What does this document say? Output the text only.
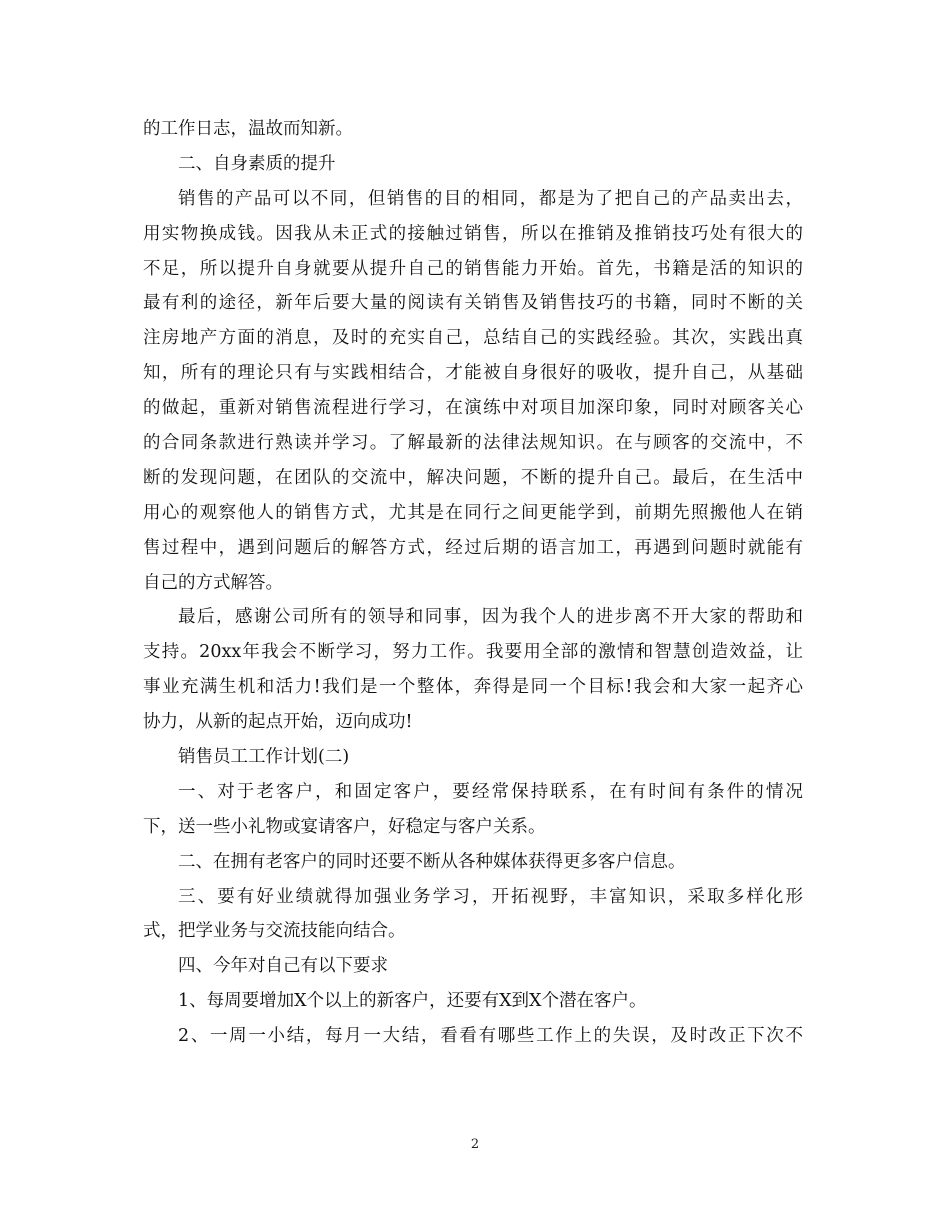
的工作日志，温故而知新。
二、自身素质的提升
销售的产品可以不同，但销售的目的相同，都是为了把自己的产品卖出去，
用实物换成钱。因我从未正式的接触过销售，所以在推销及推销技巧处有很大的
不足，所以提升自身就要从提升自己的销售能力开始。首先，书籍是活的知识的
最有利的途径，新年后要大量的阅读有关销售及销售技巧的书籍，同时不断的关
注房地产方面的消息，及时的充实自己，总结自己的实践经验。其次，实践出真
知，所有的理论只有与实践相结合，才能被自身很好的吸收，提升自己，从基础
的做起，重新对销售流程进行学习，在演练中对项目加深印象，同时对顾客关心
的合同条款进行熟读并学习。了解最新的法律法规知识。在与顾客的交流中，不
断的发现问题，在团队的交流中，解决问题，不断的提升自己。最后，在生活中
用心的观察他人的销售方式，尤其是在同行之间更能学到，前期先照搬他人在销
售过程中，遇到问题后的解答方式，经过后期的语言加工，再遇到问题时就能有
自己的方式解答。
最后，感谢公司所有的领导和同事，因为我个人的进步离不开大家的帮助和
支持。20xx年我会不断学习，努力工作。我要用全部的激情和智慧创造效益，让
事业充满生机和活力!我们是一个整体，奔得是同一个目标!我会和大家一起齐心
协力，从新的起点开始，迈向成功!
销售员工工作计划(二)
一、对于老客户，和固定客户，要经常保持联系，在有时间有条件的情况
下，送一些小礼物或宴请客户，好稳定与客户关系。
二、在拥有老客户的同时还要不断从各种媒体获得更多客户信息。
三、要有好业绩就得加强业务学习，开拓视野，丰富知识，采取多样化形
式，把学业务与交流技能向结合。
四、今年对自己有以下要求
1、每周要增加X个以上的新客户，还要有X到X个潜在客户。
2、一周一小结，每月一大结，看看有哪些工作上的失误，及时改正下次不
2
